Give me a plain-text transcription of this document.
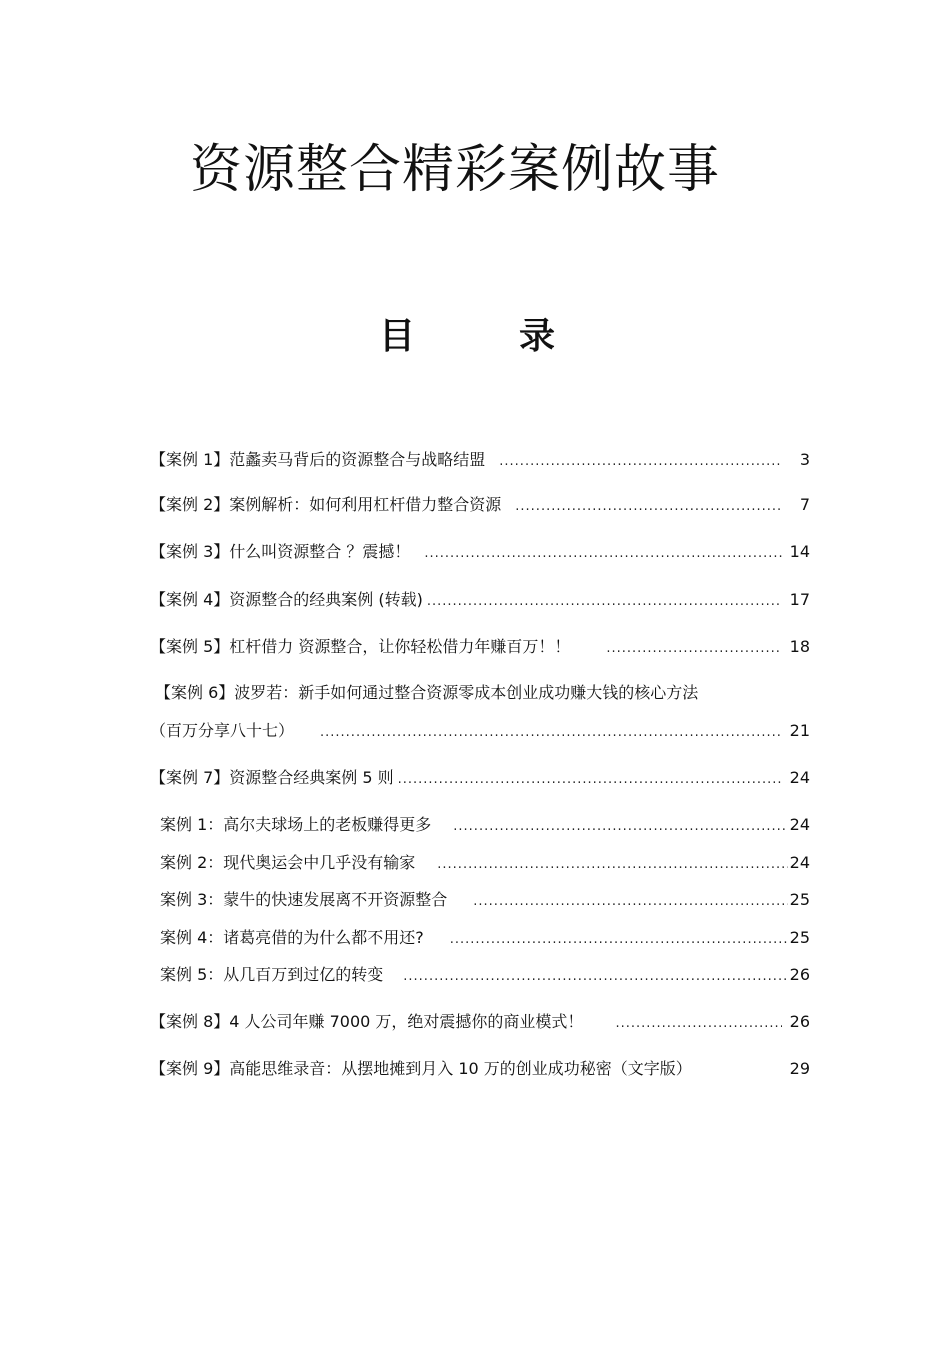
资源整合精彩案例故事
目　录
【案例 1】范蠡卖马背后的资源整合与战略结盟 .....	3
【案例 2】案例解析：如何利用杠杆借力整合资源 .....	7
【案例 3】什么叫资源整合 ？震撼！ .....	14
【案例 4】资源整合的经典案例 (转载) .....	17
【案例 5】杠杆借力 资源整合，让你轻松借力年赚百万！！ .....	18
【案例 6】波罗若：新手如何通过整合资源零成本创业成功赚大钱的核心方法
（百万分享八十七） .....	21
【案例 7】资源整合经典案例 5 则 .....	24
案例 1：高尔夫球场上的老板赚得更多 .....	24
案例 2：现代奥运会中几乎没有输家 .....	24
案例 3：蒙牛的快速发展离不开资源整合 .....	25
案例 4：诸葛亮借的为什么都不用还? .....	25
案例 5：从几百万到过亿的转变 .....	26
【案例 8】4 人公司年赚 7000 万，绝对震撼你的商业模式！ .....	26
【案例 9】高能思维录音：从摆地摊到月入 10 万的创业成功秘密（文字版）	29
